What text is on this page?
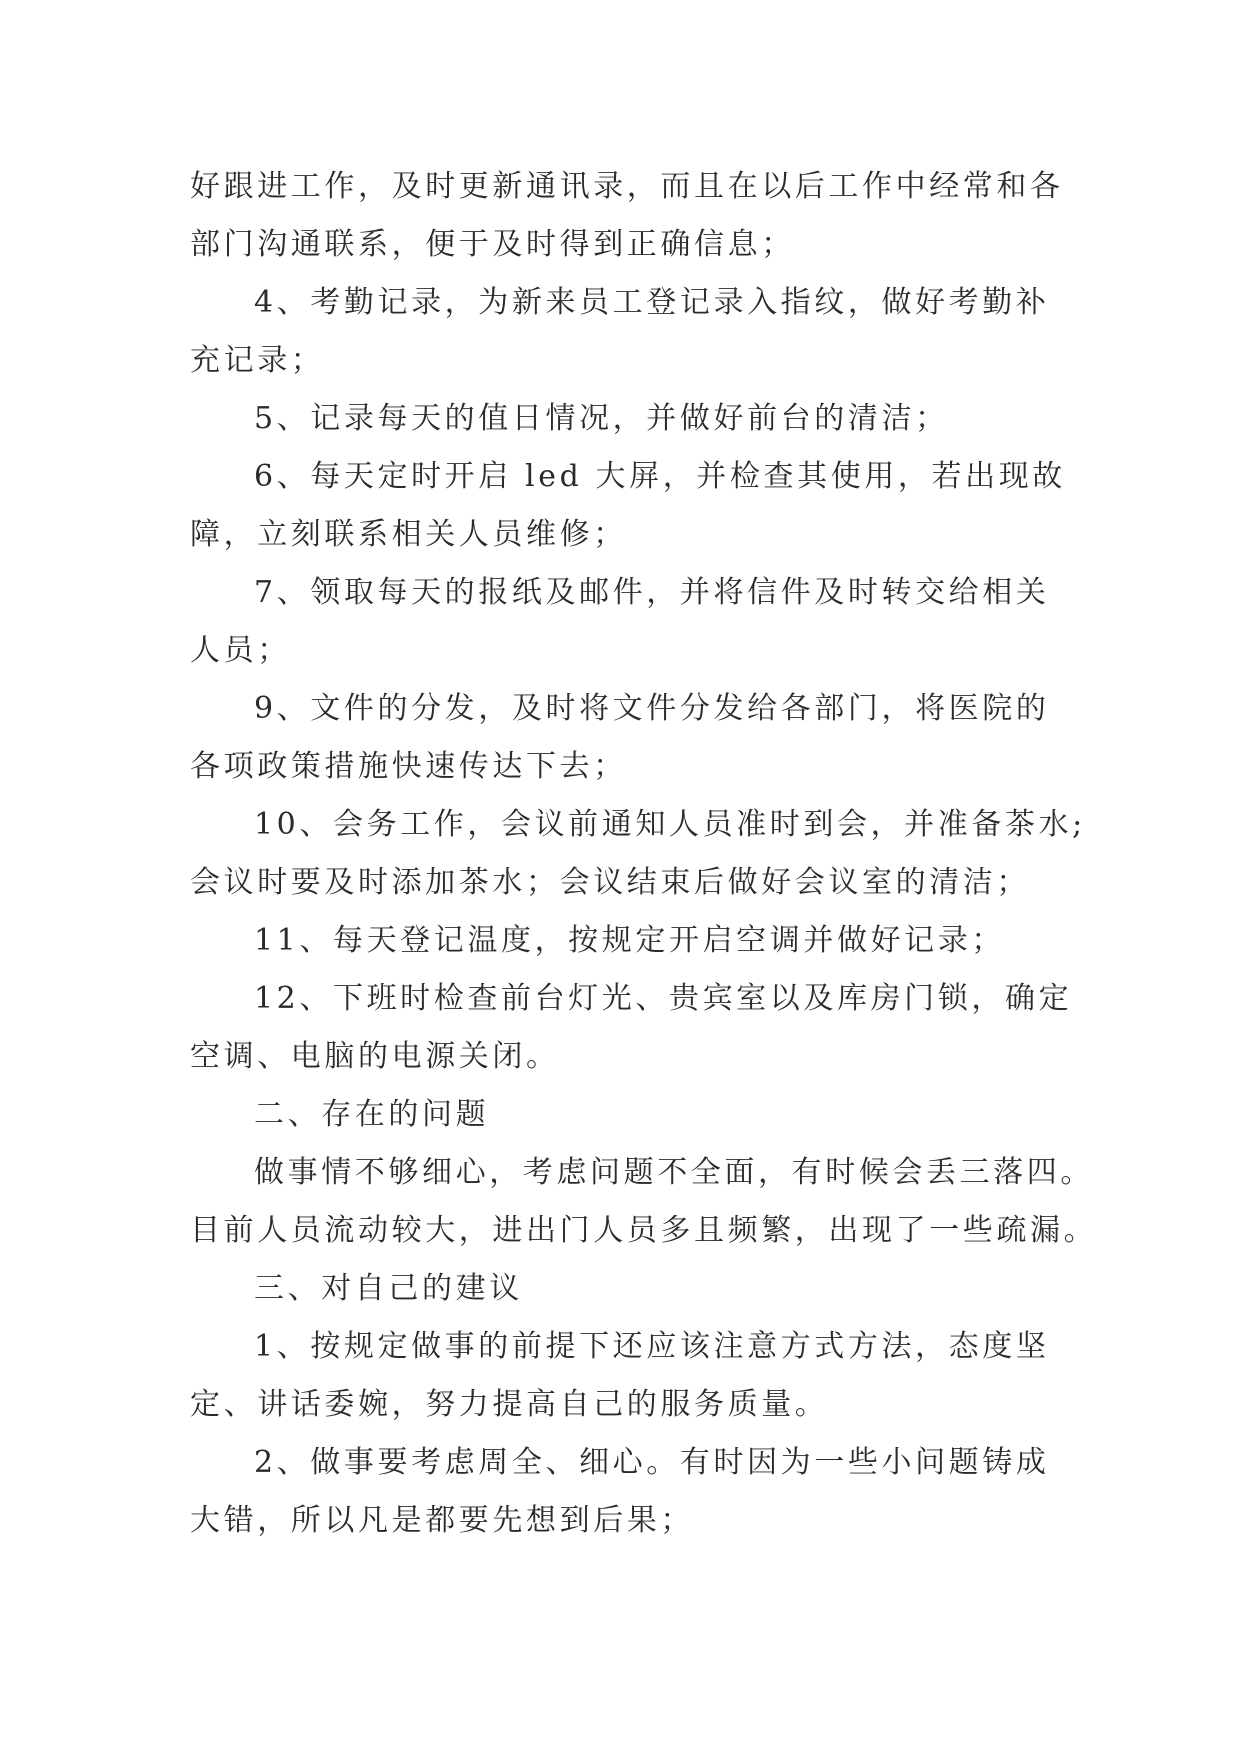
好跟进工作，及时更新通讯录，而且在以后工作中经常和各
部门沟通联系，便于及时得到正确信息；
4、考勤记录，为新来员工登记录入指纹，做好考勤补
充记录；
5、记录每天的值日情况，并做好前台的清洁；
6、每天定时开启 led 大屏，并检查其使用，若出现故
障，立刻联系相关人员维修；
7、领取每天的报纸及邮件，并将信件及时转交给相关
人员；
9、文件的分发，及时将文件分发给各部门，将医院的
各项政策措施快速传达下去；
10、会务工作，会议前通知人员准时到会，并准备茶水;
会议时要及时添加茶水；会议结束后做好会议室的清洁；
11、每天登记温度，按规定开启空调并做好记录；
12、下班时检查前台灯光、贵宾室以及库房门锁，确定
空调、电脑的电源关闭。
二、存在的问题
做事情不够细心，考虑问题不全面，有时候会丢三落四。
目前人员流动较大，进出门人员多且频繁，出现了一些疏漏。
三、对自己的建议
1、按规定做事的前提下还应该注意方式方法，态度坚
定、讲话委婉，努力提高自己的服务质量。
2、做事要考虑周全、细心。有时因为一些小问题铸成
大错，所以凡是都要先想到后果；
